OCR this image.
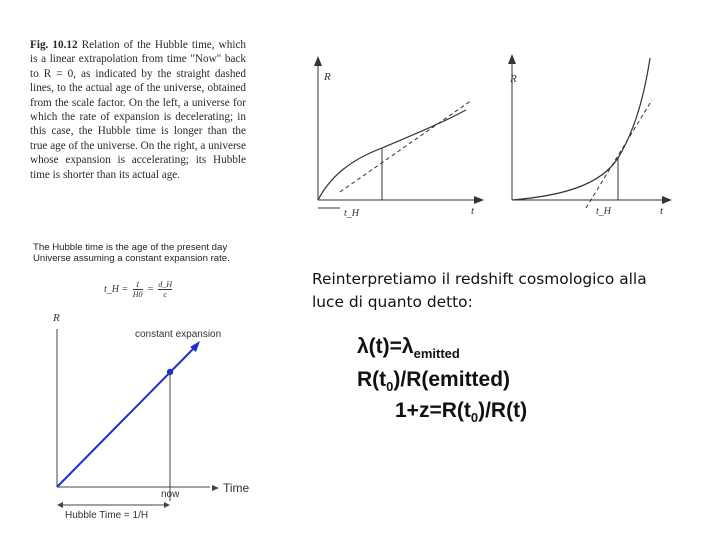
Fig. 10.12 Relation of the Hubble time, which is a linear extrapolation from time "Now" back to R = 0, as indicated by the straight dashed lines, to the actual age of the universe, obtained from the scale factor. On the left, a universe for which the rate of expansion is decelerating; in this case, the Hubble time is longer than the true age of the universe. On the right, a universe whose expansion is accelerating; its Hubble time is shorter than its actual age.
R
t
t_H
R
t
t_H
The Hubble time is the age of the present day Universe assuming a constant expansion rate.
t_H = $\frac{1}{H0} = \frac{d\_H}{c}$
R
constant expansion
now	Time
Hubble Time = 1/H
Reinterpretiamo il redshift cosmologico alla luce di quanto detto:
$\lambda(t)=\lambda_{emitted}$
$R(t_0)/R(emitted)$
$1+z=R(t_0)/R(t)$
